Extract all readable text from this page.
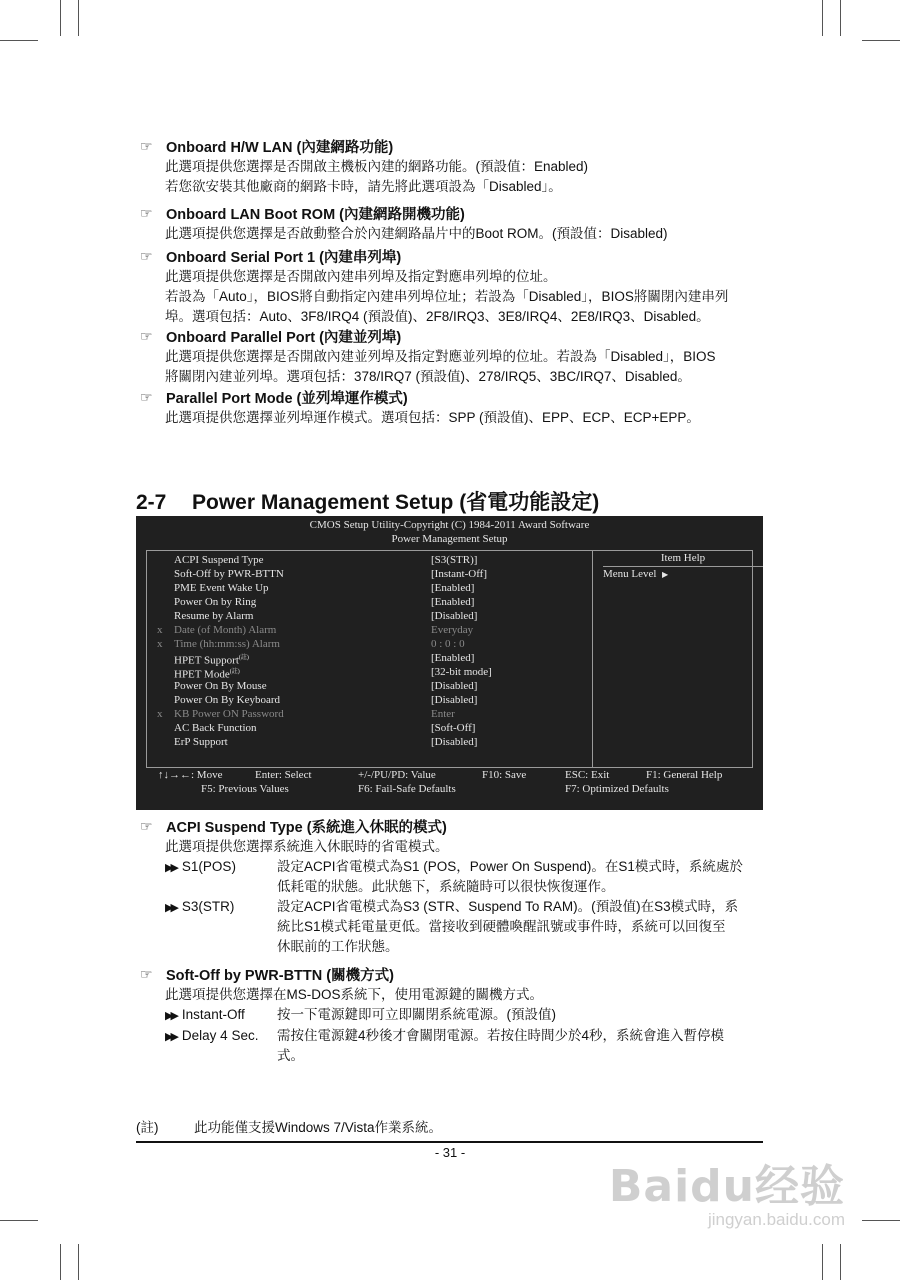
☞ Onboard H/W LAN (內建網路功能)

此選項提供您選擇是否開啟主機板內建的網路功能。(預設值：Enabled)

若您欲安裝其他廠商的網路卡時，請先將此選項設為「Disabled」。

☞ Onboard LAN Boot ROM (內建網路開機功能)

此選項提供您選擇是否啟動整合於內建網路晶片中的Boot ROM。(預設值：Disabled)

☞ Onboard Serial Port 1 (內建串列埠)

此選項提供您選擇是否開啟內建串列埠及指定對應串列埠的位址。

若設為「Auto」，BIOS將自動指定內建串列埠位址；若設為「Disabled」，BIOS將關閉內建串列

埠。選項包括：Auto、3F8/IRQ4 (預設值)、2F8/IRQ3、3E8/IRQ4、2E8/IRQ3、Disabled。

☞ Onboard Parallel Port (內建並列埠)

此選項提供您選擇是否開啟內建並列埠及指定對應並列埠的位址。若設為「Disabled」，BIOS

將關閉內建並列埠。選項包括：378/IRQ7 (預設值)、278/IRQ5、3BC/IRQ7、Disabled。

☞ Parallel Port Mode (並列埠運作模式)

此選項提供您選擇並列埠運作模式。選項包括：SPP (預設值)、EPP、ECP、ECP+EPP。

2-7 Power Management Setup (省電功能設定)
CMOS Setup Utility-Copyright (C) 1984-2011 Award Software
Power Management Setup
Item Help
Menu Level ▶
ACPI Suspend Type	[S3(STR)]
Soft-Off by PWR-BTTN	[Instant-Off]
PME Event Wake Up	[Enabled]
Power On by Ring	[Enabled]
Resume by Alarm	[Disabled]
x Date (of Month) Alarm	Everyday
x Time (hh:mm:ss) Alarm	0 : 0 : 0
HPET Support$^{(註)}$	[Enabled]
HPET Mode$^{(註)}$	[32-bit mode]
Power On By Mouse	[Disabled]
Power On By Keyboard	[Disabled]
x KB Power ON Password	Enter
AC Back Function	[Soft-Off]
ErP Support	[Disabled]
↑↓→←: Move	Enter: Select	+/-/PU/PD: Value	F10: Save	ESC: Exit	F1: General Help
F5: Previous Values	F6: Fail-Safe Defaults	F7: Optimized Defaults
☞ ACPI Suspend Type (系統進入休眠的模式)

此選項提供您選擇系統進入休眠時的省電模式。

▶▶ S1(POS)	設定ACPI省電模式為S1 (POS，Power On Suspend)。在S1模式時，系統處於

低耗電的狀態。此狀態下，系統隨時可以很快恢復運作。

▶▶ S3(STR)	設定ACPI省電模式為S3 (STR、Suspend To RAM)。(預設值)在S3模式時，系

統比S1模式耗電量更低。當接收到硬體喚醒訊號或事件時，系統可以回復至

休眠前的工作狀態。

☞ Soft-Off by PWR-BTTN (關機方式)

此選項提供您選擇在MS-DOS系統下，使用電源鍵的關機方式。

▶▶ Instant-Off	按一下電源鍵即可立即關閉系統電源。(預設值)

▶▶ Delay 4 Sec.	需按住電源鍵4秒後才會關閉電源。若按住時間少於4秒，系統會進入暫停模

式。

(註)	此功能僅支援Windows 7/Vista作業系統。
- 31 -
Baidu经验
jingyan.baidu.com
